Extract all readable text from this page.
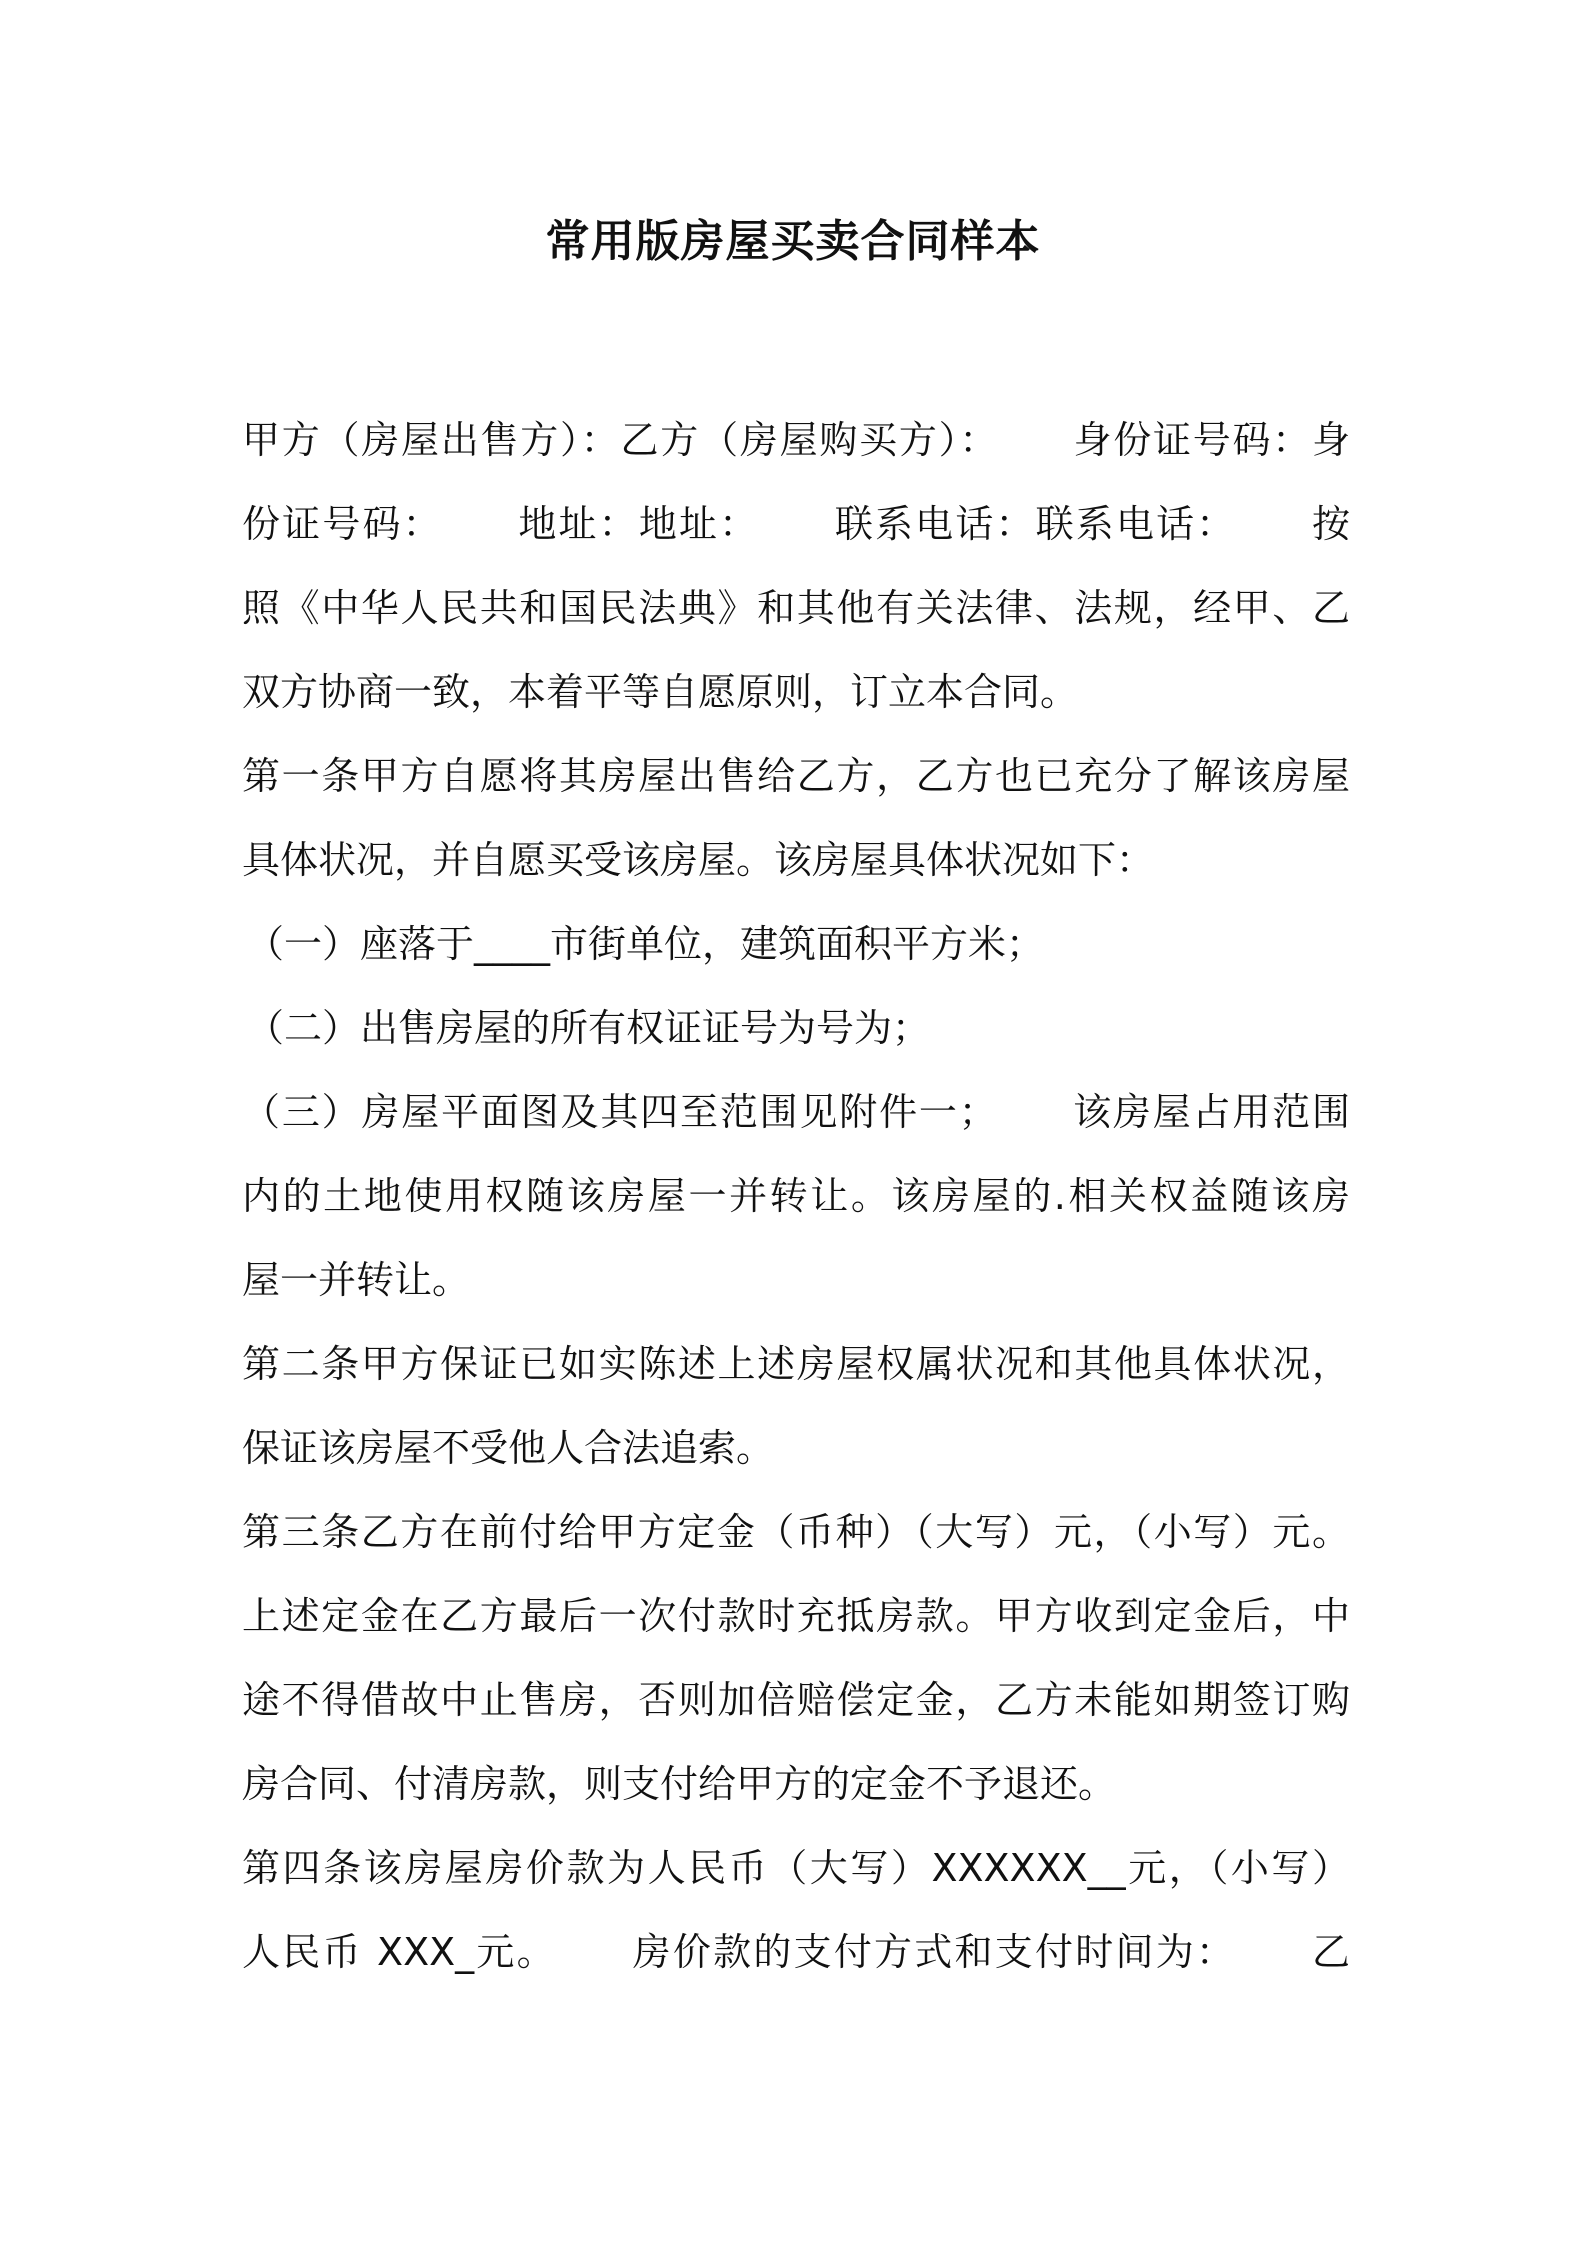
常用版房屋买卖合同样本
甲方（房屋出售方）：乙方（房屋购买方）：　　 身份证号码：身
份证号码：　　 地址：地址：　　 联系电话：联系电话：　　 按
照《中华人民共和国民法典》和其他有关法律、法规，经甲、乙
双方协商一致，本着平等自愿原则，订立本合同。
第一条甲方自愿将其房屋出售给乙方，乙方也已充分了解该房屋
具体状况，并自愿买受该房屋。该房屋具体状况如下：
（一）座落于____市街单位，建筑面积平方米；
（二）出售房屋的所有权证证号为号为；
（三）房屋平面图及其四至范围见附件一；　　 该房屋占用范围
内的土地使用权随该房屋一并转让。该房屋的.相关权益随该房
屋一并转让。
第二条甲方保证已如实陈述上述房屋权属状况和其他具体状况，
保证该房屋不受他人合法追索。
第三条乙方在前付给甲方定金（币种）（大写）元，（小写）元。
上述定金在乙方最后一次付款时充抵房款。甲方收到定金后，中
途不得借故中止售房，否则加倍赔偿定金，乙方未能如期签订购
房合同、付清房款，则支付给甲方的定金不予退还。
第四条该房屋房价款为人民币（大写）XXXXXX__元，（小写）
人民币 XXX_元。　　 房价款的支付方式和支付时间为：　　 乙
